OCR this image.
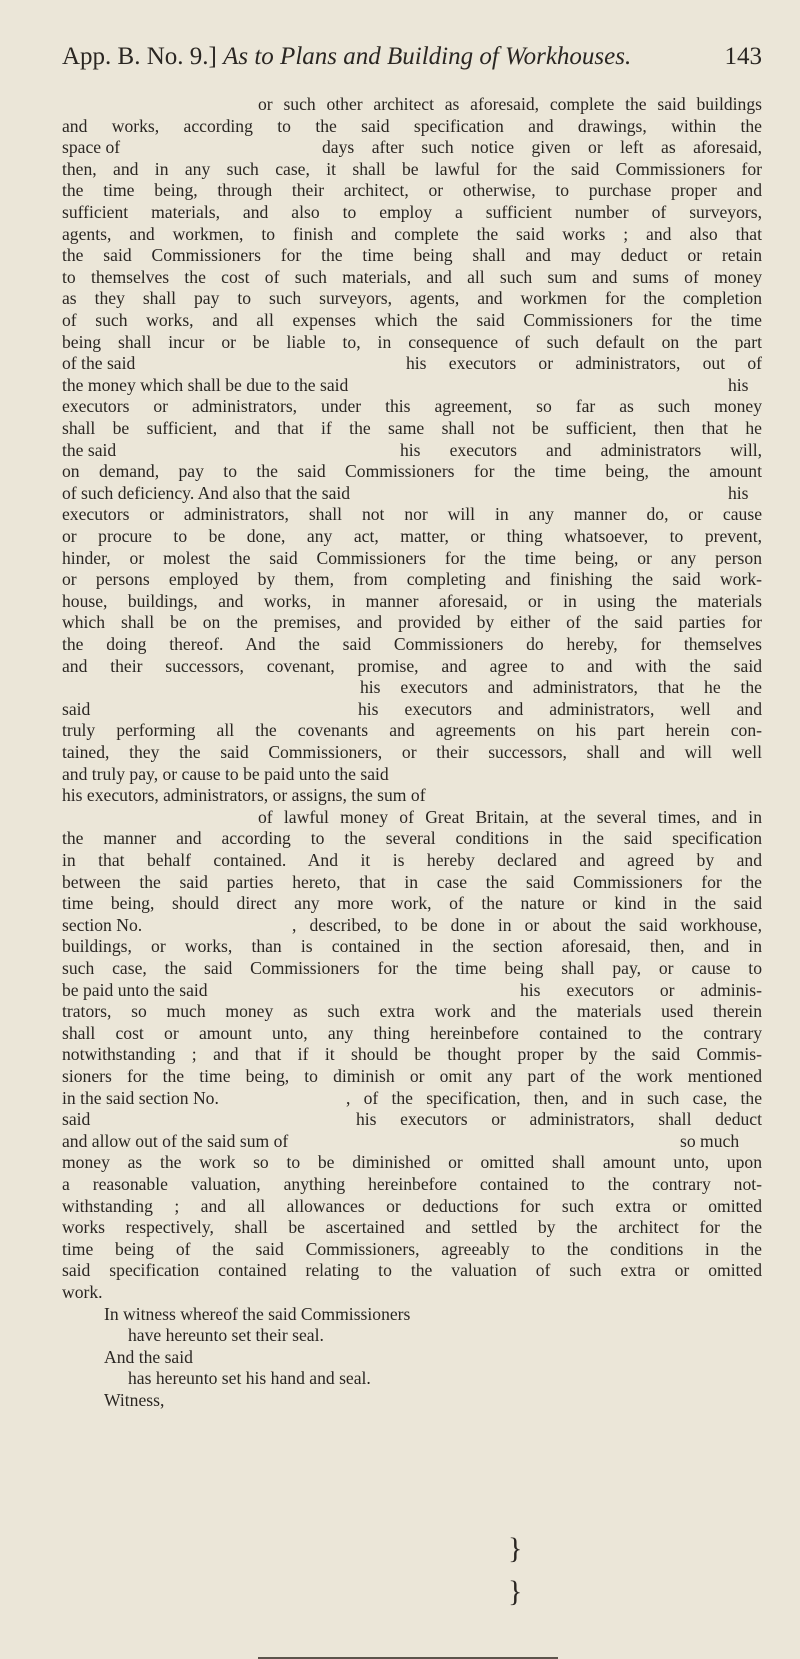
App. B. No. 9.] As to Plans and Building of Workhouses.	143
or such other architect as aforesaid, complete the said buildings
and works, according to the said specification and drawings, within the
space of	days after such notice given or left as aforesaid,
then, and in any such case, it shall be lawful for the said Commissioners for
the time being, through their architect, or otherwise, to purchase proper and
sufficient materials, and also to employ a sufficient number of surveyors,
agents, and workmen, to finish and complete the said works ; and also that
the said Commissioners for the time being shall and may deduct or retain
to themselves the cost of such materials, and all such sum and sums of money
as they shall pay to such surveyors, agents, and workmen for the completion
of such works, and all expenses which the said Commissioners for the time
being shall incur or be liable to, in consequence of such default on the part
of the said	his executors or administrators, out of
the money which shall be due to the said	his
executors or administrators, under this agreement, so far as such money
shall be sufficient, and that if the same shall not be sufficient, then that he
the said	his executors and administrators will,
on demand, pay to the said Commissioners for the time being, the amount
of such deficiency. And also that the said	his
executors or administrators, shall not nor will in any manner do, or cause
or procure to be done, any act, matter, or thing whatsoever, to prevent,
hinder, or molest the said Commissioners for the time being, or any person
or persons employed by them, from completing and finishing the said work-
house, buildings, and works, in manner aforesaid, or in using the materials
which shall be on the premises, and provided by either of the said parties for
the doing thereof. And the said Commissioners do hereby, for themselves
and their successors, covenant, promise, and agree to and with the said
his executors and administrators, that he the
said	his executors and administrators, well and
truly performing all the covenants and agreements on his part herein con-
tained, they the said Commissioners, or their successors, shall and will well
and truly pay, or cause to be paid unto the said
his executors, administrators, or assigns, the sum of
of lawful money of Great Britain, at the several times, and in
the manner and according to the several conditions in the said specification
in that behalf contained. And it is hereby declared and agreed by and
between the said parties hereto, that in case the said Commissioners for the
time being, should direct any more work, of the nature or kind in the said
section No.	, described, to be done in or about the said workhouse,
buildings, or works, than is contained in the section aforesaid, then, and in
such case, the said Commissioners for the time being shall pay, or cause to
be paid unto the said	his executors or adminis-
trators, so much money as such extra work and the materials used therein
shall cost or amount unto, any thing hereinbefore contained to the contrary
notwithstanding ; and that if it should be thought proper by the said Commis-
sioners for the time being, to diminish or omit any part of the work mentioned
in the said section No.	, of the specification, then, and in such case, the
said	his executors or administrators, shall deduct
and allow out of the said sum of	so much
money as the work so to be diminished or omitted shall amount unto, upon
a reasonable valuation, anything hereinbefore contained to the contrary not-
withstanding ; and all allowances or deductions for such extra or omitted
works respectively, shall be ascertained and settled by the architect for the
time being of the said Commissioners, agreeably to the conditions in the
said specification contained relating to the valuation of such extra or omitted
work.
In witness whereof the said Commissioners
have hereunto set their seal.
And the said
has hereunto set his hand and seal.
Witness,
}
}
